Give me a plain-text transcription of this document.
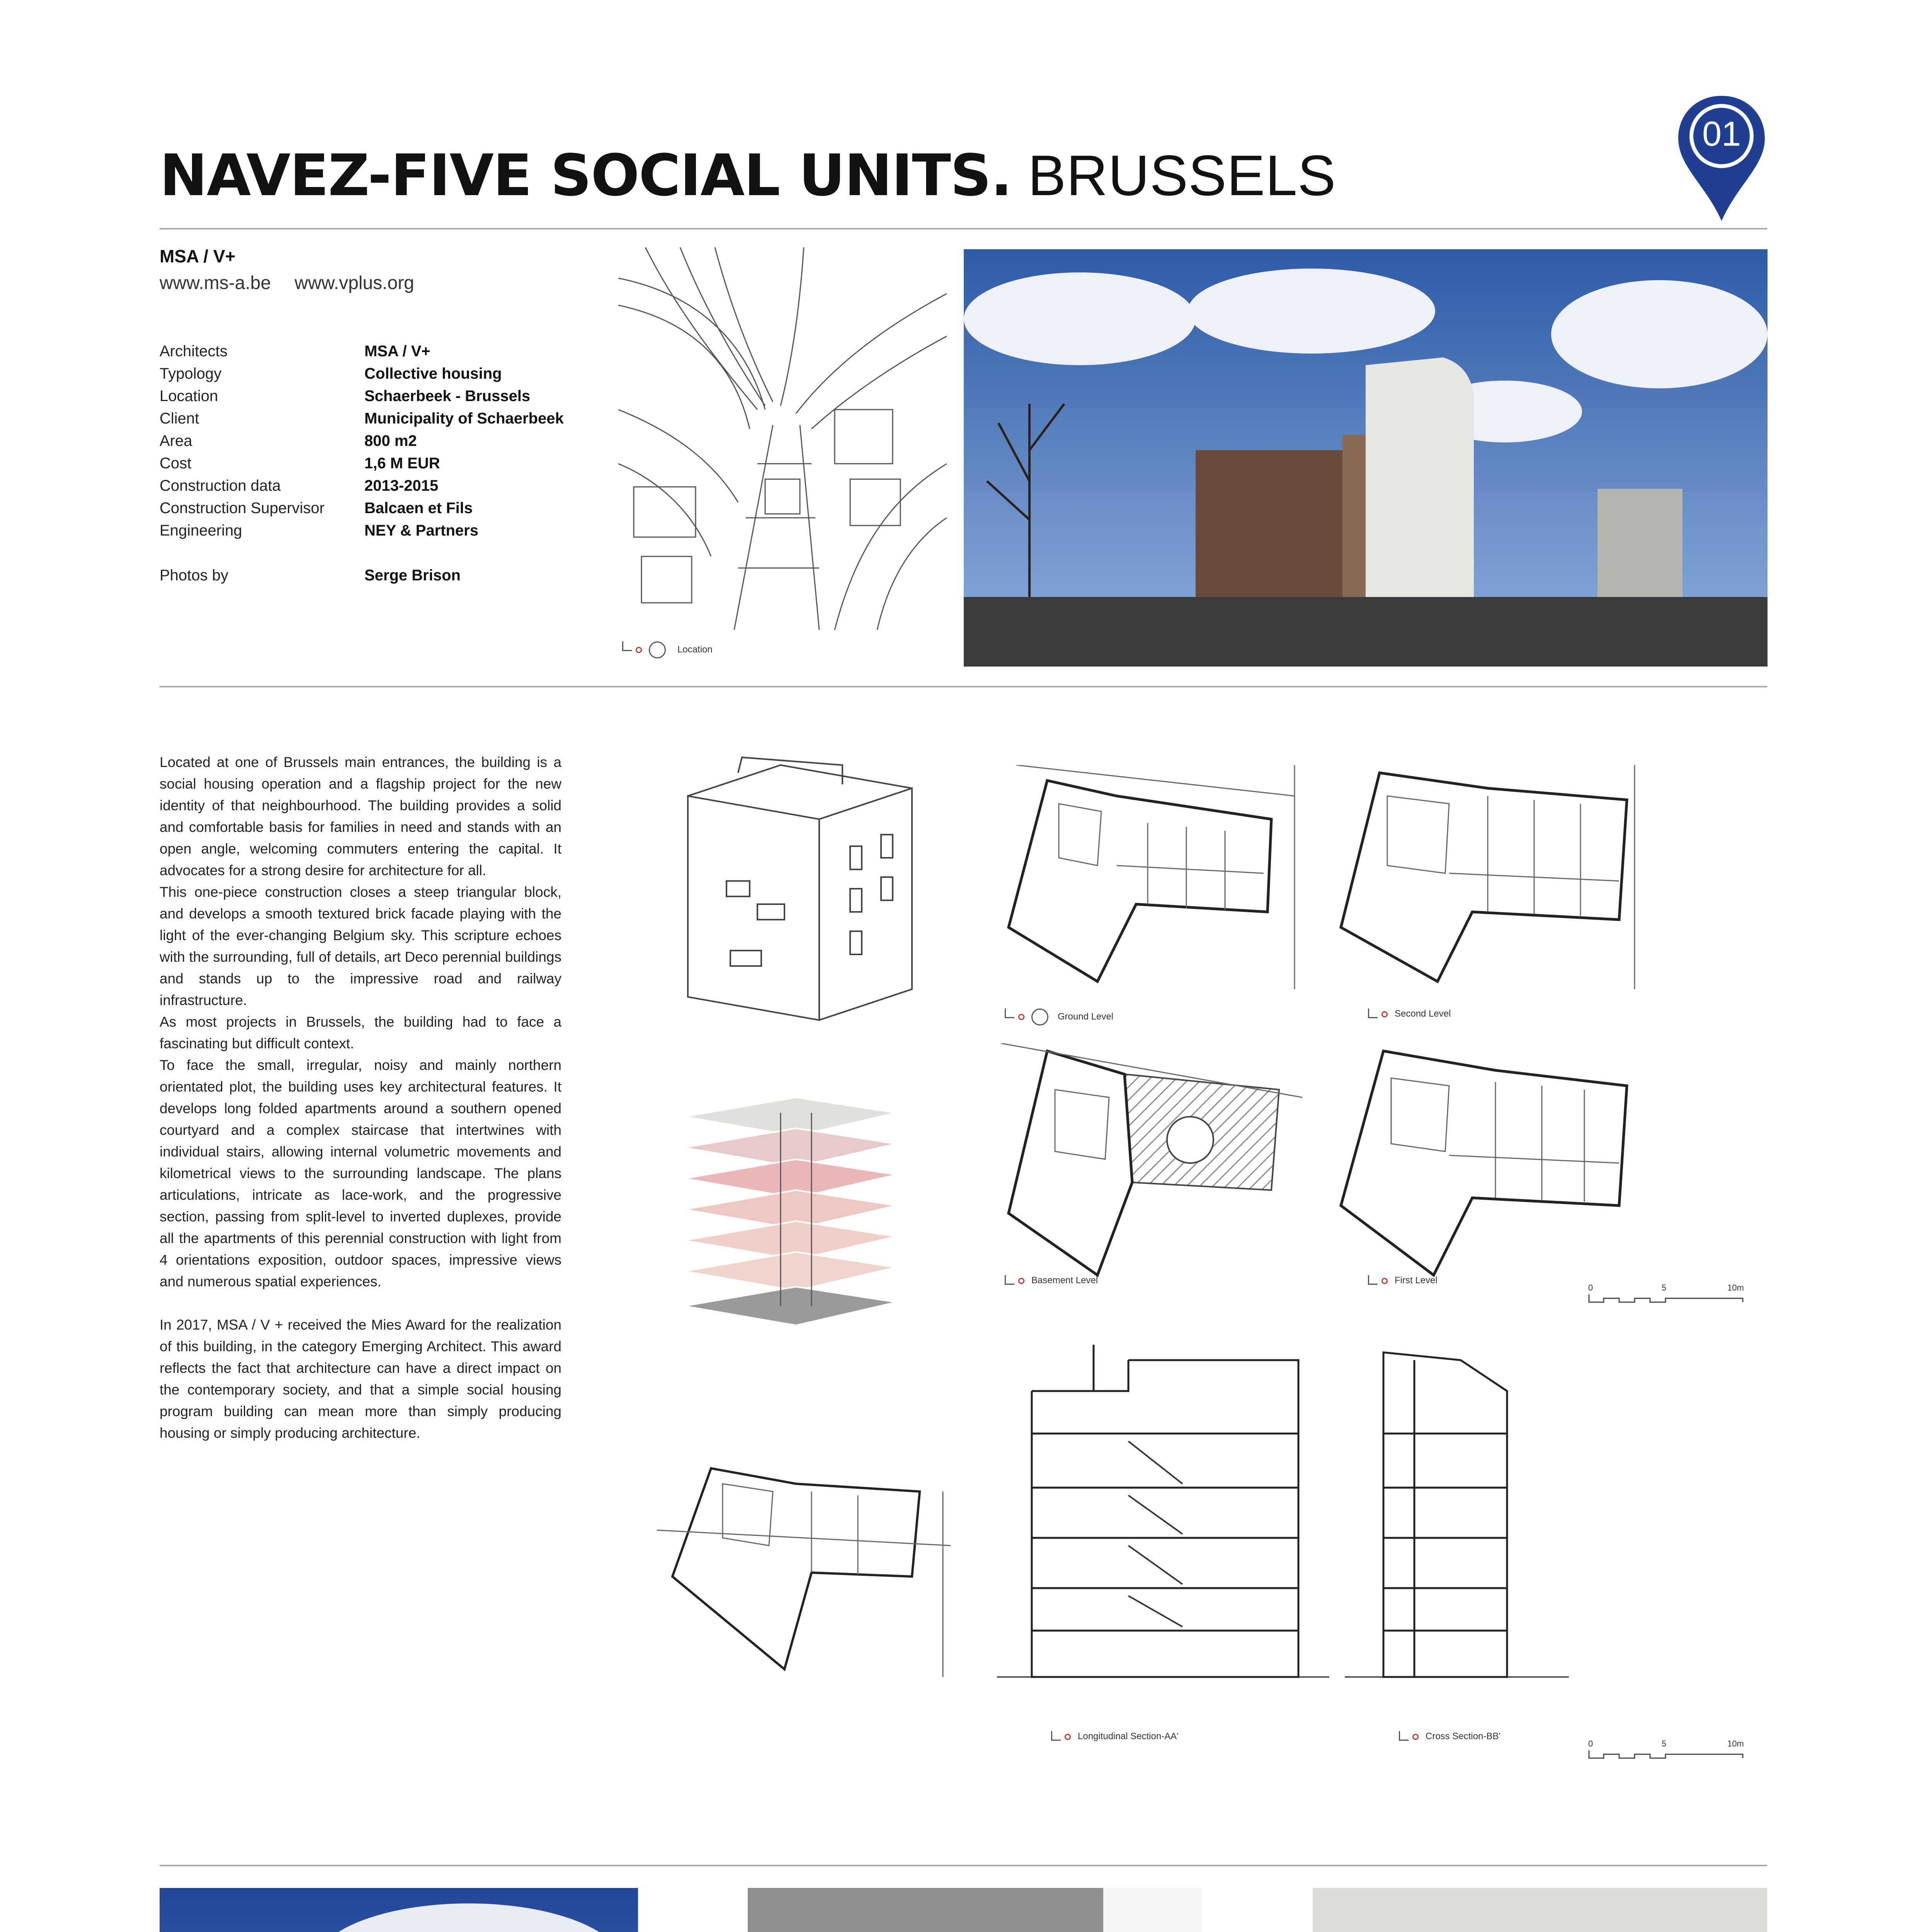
NAVEZ-FIVE SOCIAL UNITS. BRUSSELS
01
MSA / V+
www.ms-a.be www.vplus.org
Architects	MSA / V+
Typology	Collective housing
Location	Schaerbeek - Brussels
Client	Municipality of Schaerbeek
Area	800 m2
Cost	1,6 M EUR
Construction data	2013-2015
Construction Supervisor	Balcaen et Fils
Engineering	NEY & Partners
Photos by	Serge Brison
Location

Located at one of Brussels main entrances, the building is a social housing operation and a flagship project for the new identity of that neighbourhood. The building provides a solid and comfortable basis for families in need and stands with an open angle, welcoming commuters entering the capital. It advocates for a strong desire for architecture for all.

This one-piece construction closes a steep triangular block, and develops a smooth textured brick facade playing with the light of the ever-changing Belgium sky. This scripture echoes with the surrounding, full of details, art Deco perennial buildings and stands up to the impressive road and railway infrastructure.

As most projects in Brussels, the building had to face a fascinating but difficult context.

To face the small, irregular, noisy and mainly northern orientated plot, the building uses key architectural features. It develops long folded apartments around a southern opened courtyard and a complex staircase that intertwines with individual stairs, allowing internal volumetric movements and kilometrical views to the surrounding landscape. The plans articulations, intricate as lace-work, and the progressive section, passing from split-level to inverted duplexes, provide all the apartments of this perennial construction with light from 4 orientations exposition, outdoor spaces, impressive views and numerous spatial experiences.

In 2017, MSA / V + received the Mies Award for the realization of this building, in the category Emerging Architect. This award reflects the fact that architecture can have a direct impact on the contemporary society, and that a simple social housing program building can mean more than simply producing housing or simply producing architecture.

Ground Level	Second Level
Basement Level	First Level
0	5	10m
Longitudinal Section-AA'	Cross Section-BB'
0	5	10m
